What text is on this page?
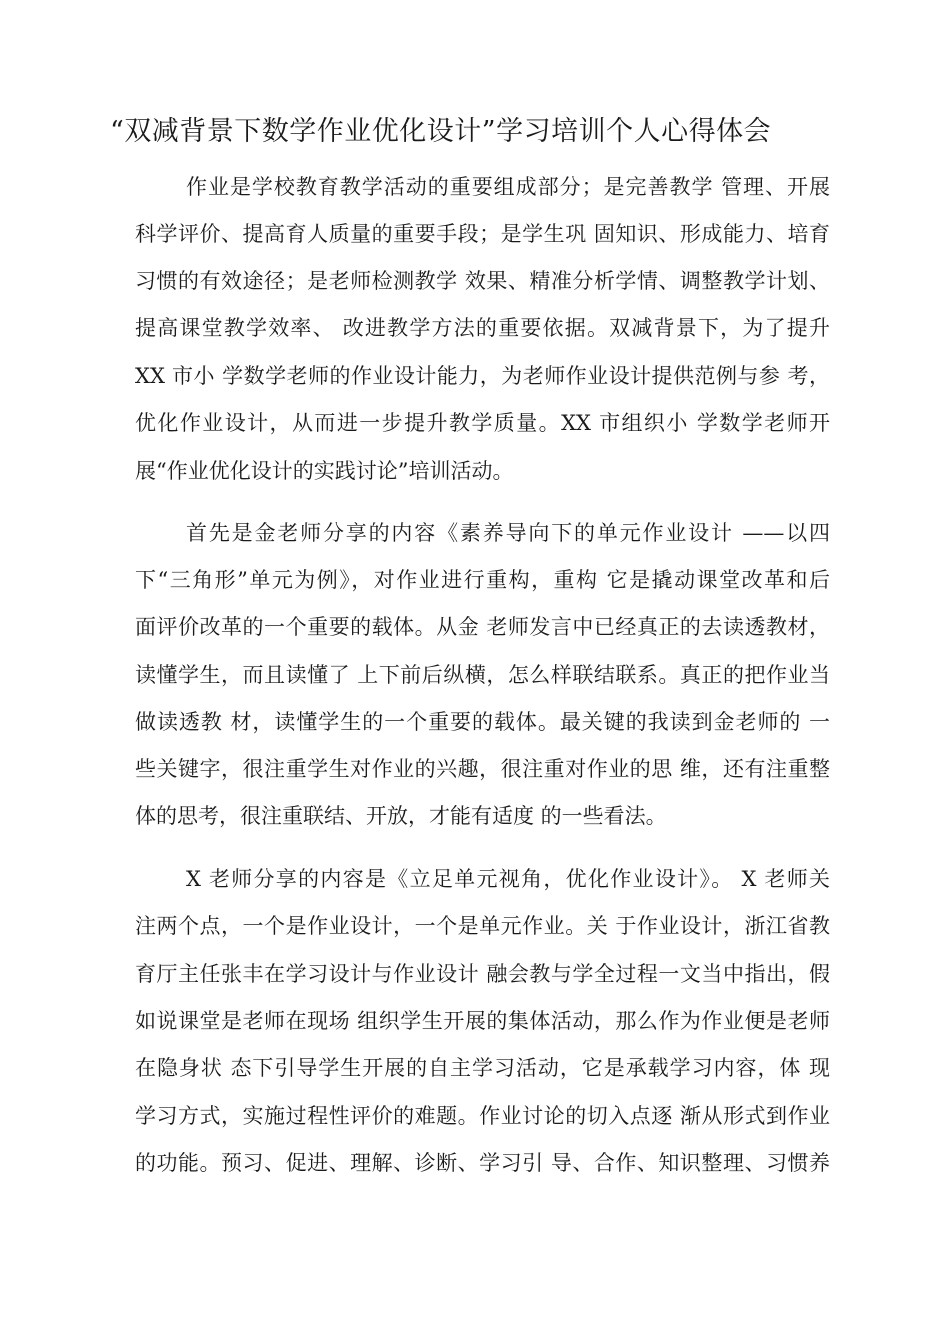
“双减背景下数学作业优化设计”学习培训个人心得体会

作业是学校教育教学活动的重要组成部分；是完善教学 管理、开展

科学评价、提高育人质量的重要手段；是学生巩 固知识、形成能力、培育

习惯的有效途径；是老师检测教学 效果、精准分析学情、调整教学计划、

提高课堂教学效率、 改进教学方法的重要依据。双减背景下，为了提升

XX 市小 学数学老师的作业设计能力，为老师作业设计提供范例与参 考，

优化作业设计，从而进一步提升教学质量。XX 市组织小 学数学老师开

展“作业优化设计的实践讨论”培训活动。

首先是金老师分享的内容《素养导向下的单元作业设计 ——以四

下“三角形”单元为例》，对作业进行重构，重构 它是撬动课堂改革和后

面评价改革的一个重要的载体。从金 老师发言中已经真正的去读透教材，

读懂学生，而且读懂了 上下前后纵横，怎么样联结联系。真正的把作业当

做读透教 材，读懂学生的一个重要的载体。最关键的我读到金老师的 一

些关键字，很注重学生对作业的兴趣，很注重对作业的思 维，还有注重整

体的思考，很注重联结、开放，才能有适度 的一些看法。

X 老师分享的内容是《立足单元视角，优化作业设计》。 X 老师关

注两个点，一个是作业设计，一个是单元作业。关 于作业设计，浙江省教

育厅主任张丰在学习设计与作业设计 融会教与学全过程一文当中指出，假

如说课堂是老师在现场 组织学生开展的集体活动，那么作为作业便是老师

在隐身状 态下引导学生开展的自主学习活动，它是承载学习内容，体 现

学习方式，实施过程性评价的难题。作业讨论的切入点逐 渐从形式到作业

的功能。预习、促进、理解、诊断、学习引 导、合作、知识整理、习惯养
